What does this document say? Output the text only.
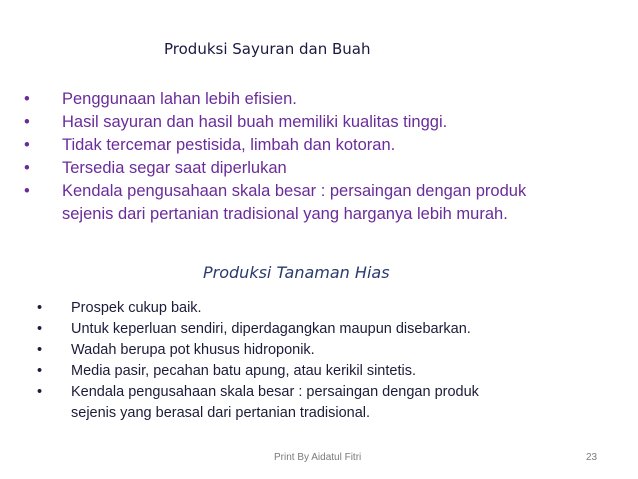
Produksi Sayuran dan Buah
• Penggunaan lahan lebih efisien.
• Hasil sayuran dan hasil buah memiliki kualitas tinggi.
• Tidak tercemar pestisida, limbah dan kotoran.
• Tersedia segar saat diperlukan
• Kendala pengusahaan skala besar : persaingan dengan produk
sejenis dari pertanian tradisional yang harganya lebih murah.
Produksi Tanaman Hias
• Prospek cukup baik.
• Untuk keperluan sendiri, diperdagangkan maupun disebarkan.
• Wadah berupa pot khusus hidroponik.
• Media pasir, pecahan batu apung, atau kerikil sintetis.
• Kendala pengusahaan skala besar : persaingan dengan produk
sejenis yang berasal dari pertanian tradisional.
Print By Aidatul Fitri	23
